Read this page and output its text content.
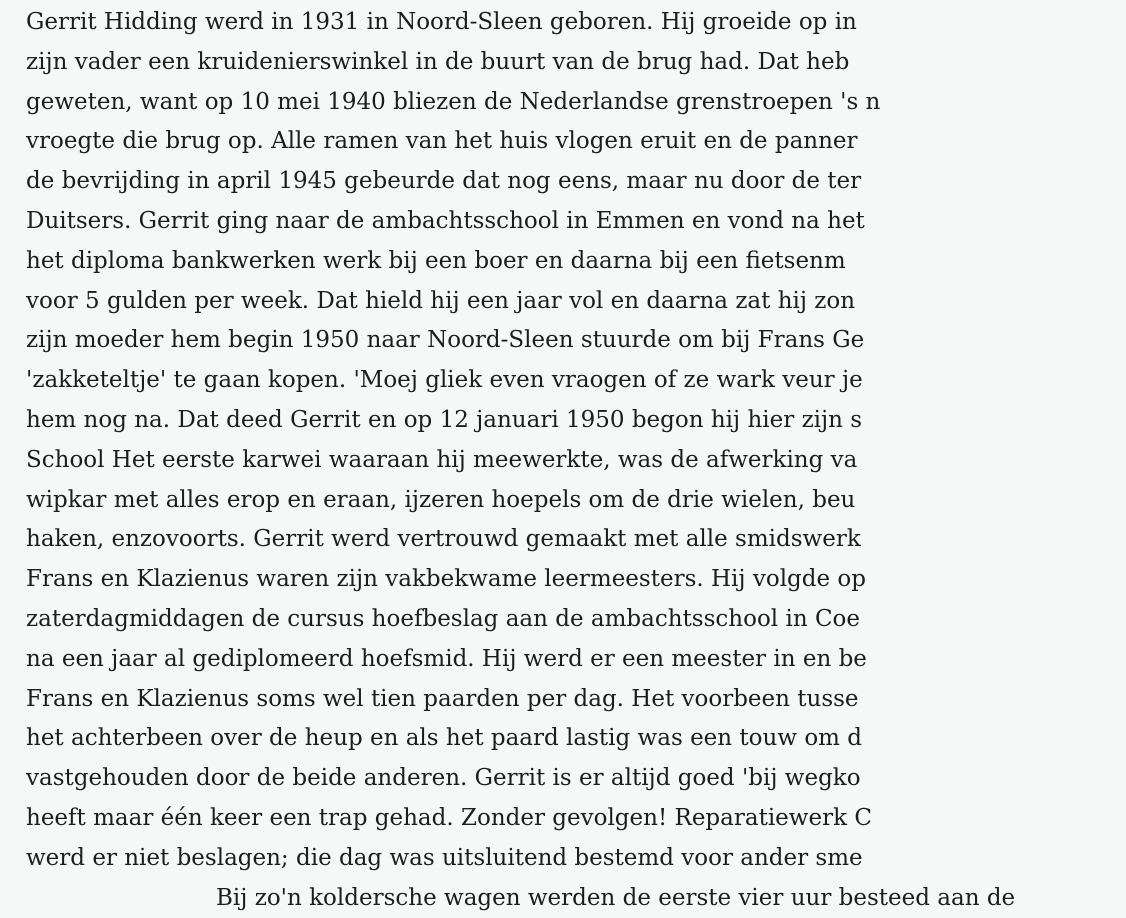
Gerrit Hidding werd in 1931 in Noord-Sleen geboren. Hij groeide op in
zijn vader een kruidenierswinkel in de buurt van de brug had. Dat heb
geweten, want op 10 mei 1940 bliezen de Nederlandse grenstroepen 's n
vroegte die brug op. Alle ramen van het huis vlogen eruit en de panner
de bevrijding in april 1945 gebeurde dat nog eens, maar nu door de ter
Duitsers. Gerrit ging naar de ambachtsschool in Emmen en vond na het
het diploma bankwerken werk bij een boer en daarna bij een fietsenm
voor 5 gulden per week. Dat hield hij een jaar vol en daarna zat hij zon
zijn moeder hem begin 1950 naar Noord-Sleen stuurde om bij Frans Ge
'zakketeltje' te gaan kopen. 'Moej gliek even vraogen of ze wark veur je
hem nog na. Dat deed Gerrit en op 12 januari 1950 begon hij hier zijn s
School Het eerste karwei waaraan hij meewerkte, was de afwerking va
wipkar met alles erop en eraan, ijzeren hoepels om de drie wielen, beu
haken, enzovoorts. Gerrit werd vertrouwd gemaakt met alle smidswerk
Frans en Klazienus waren zijn vakbekwame leermeesters. Hij volgde op
zaterdagmiddagen de cursus hoefbeslag aan de ambachtsschool in Coe
na een jaar al gediplomeerd hoefsmid. Hij werd er een meester in en be
Frans en Klazienus soms wel tien paarden per dag. Het voorbeen tusse
het achterbeen over de heup en als het paard lastig was een touw om d
vastgehouden door de beide anderen. Gerrit is er altijd goed 'bij wegko
heeft maar één keer een trap gehad. Zonder gevolgen! Reparatiewerk C
werd er niet beslagen; die dag was uitsluitend bestemd voor ander sme
Bij zo'n koldersche wagen werden de eerste vier uur besteed aan de
